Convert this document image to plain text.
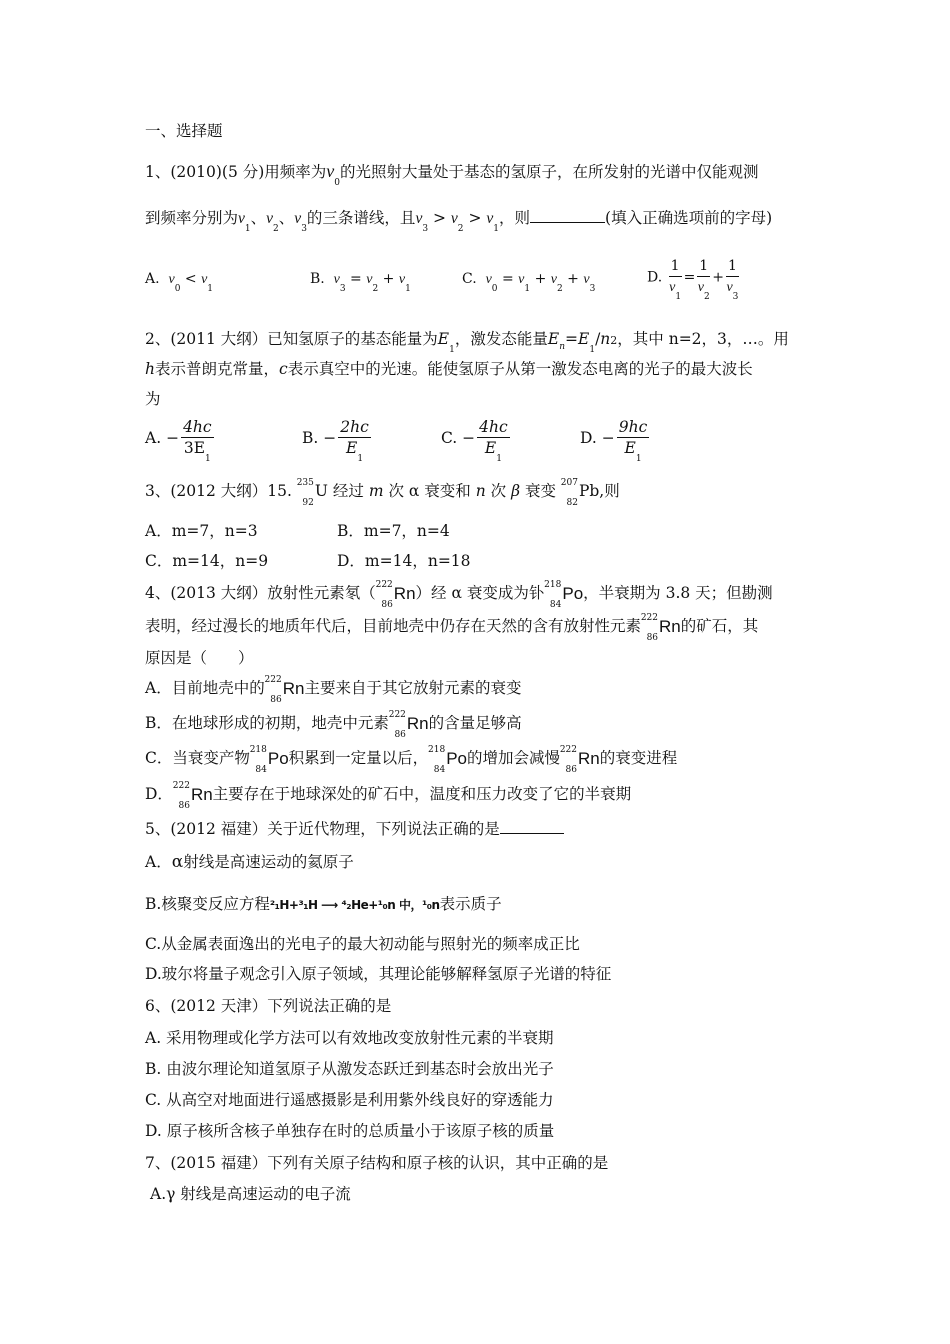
一、选择题
1、(2010)(5 分)用频率为$v_0$的光照射大量处于基态的氢原子，在所发射的光谱中仅能观测
到频率分别为$v_1$、$v_2$、$v_3$的三条谱线，且$v_3 > v_2 > v_1$，则	(填入正确选项前的字母)
A. $v_0 < v_1$
B. $v_3 = v_2 + v_1$
C. $v_0 = v_1 + v_2 + v_3$
D. $\frac{1}{v_1} = \frac{1}{v_2} + \frac{1}{v_3}$
2、(2011 大纲）已知氢原子的基态能量为$E_1$，激发态能量$E_n=E_1/n2$，其中 n=2，3，…。用
h表示普朗克常量，c表示真空中的光速。能使氢原子从第一激发态电离的光子的最大波长
为
A. − $\frac{4hc}{3E_1}$	B. − $\frac{2hc}{E_1}$	C. − $\frac{4hc}{E_1}$	D. − $\frac{9hc}{E_1}$
3、(2012 大纲）15. 235
92
U 经过 m 次 α 衰变和 n 次 β 衰变 207
82
Pb,则
A．m=7，n=3	B．m=7，n=4
C．m=14，n=9	D．m=14，n=18
4、(2013 大纲）放射性元素氡（ 222
86
Rn）经 α 衰变成为钋 218
84
Po，半衰期为 3.8 天；但勘测
表明，经过漫长的地质年代后，目前地壳中仍存在天然的含有放射性元素 222
86
Rn的矿石，其
原因是（　　）
A．目前地壳中的 222
86
Rn主要来自于其它放射元素的衰变
B．在地球形成的初期，地壳中元素 222
86
Rn的含量足够高
C．当衰变产物 218
84
Po积累到一定量以后， 218
84
Po的增加会减慢 222
86
Rn的衰变进程
D． 222
86
Rn主要存在于地球深处的矿石中，温度和压力改变了它的半衰期
5、(2012 福建）关于近代物理，下列说法正确的是
A．α射线是高速运动的氦原子
B.核聚变反应方程²₁H+³₁H ⟶ ⁴₂He+¹₀n 中，¹₀n表示质子
C.从金属表面逸出的光电子的最大初动能与照射光的频率成正比
D.玻尔将量子观念引入原子领域，其理论能够解释氢原子光谱的特征
6、(2012 天津）下列说法正确的是
A. 采用物理或化学方法可以有效地改变放射性元素的半衰期
B. 由波尔理论知道氢原子从激发态跃迁到基态时会放出光子
C. 从高空对地面进行遥感摄影是利用紫外线良好的穿透能力
D. 原子核所含核子单独存在时的总质量小于该原子核的质量
7、(2015 福建）下列有关原子结构和原子核的认识，其中正确的是
A.γ 射线是高速运动的电子流
